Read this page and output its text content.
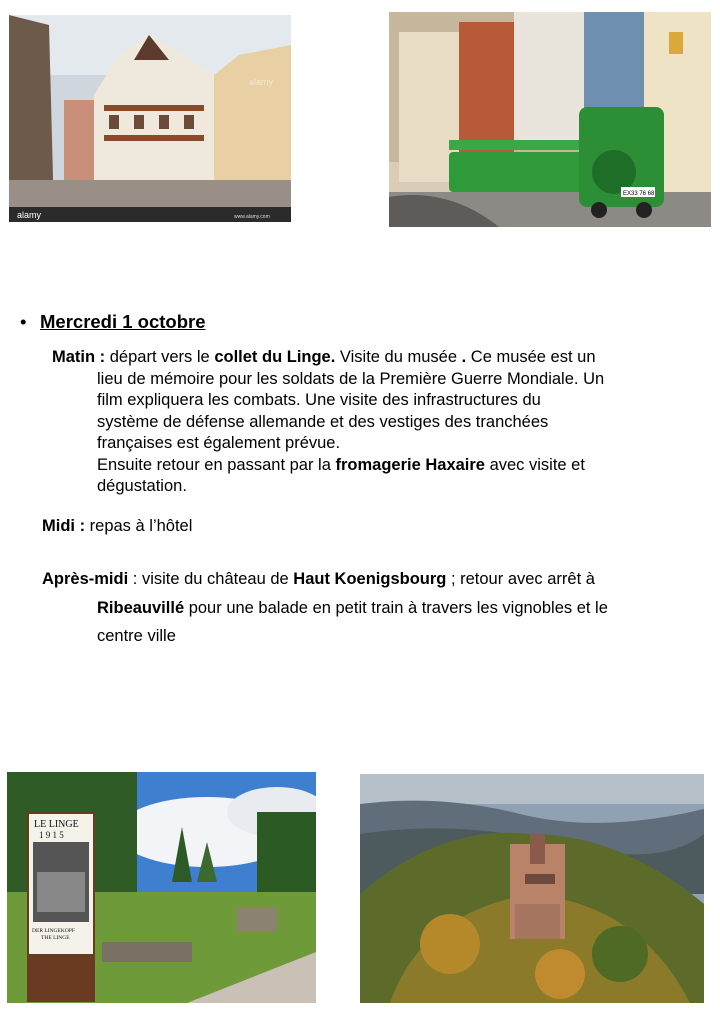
alamy	www.alamy.com
alamy
EX33 76 68
• Mercredi 1 octobre
Matin : départ vers le collet du Linge. Visite du musée . Ce musée est un
lieu de mémoire pour les soldats de la Première Guerre Mondiale. Un
film expliquera les combats. Une visite des infrastructures du
système de défense allemande et des vestiges des tranchées
françaises est également prévue.
Ensuite retour en passant par la fromagerie Haxaire avec visite et
dégustation.
Midi : repas à l’hôtel
Après-midi : visite du château de Haut Koenigsbourg ; retour avec arrêt à
Ribeauvillé pour une balade en petit train à travers les vignobles et le
centre ville
LE LINGE
1 9 1 5
DER LINGEKOPF
THE LINGE
